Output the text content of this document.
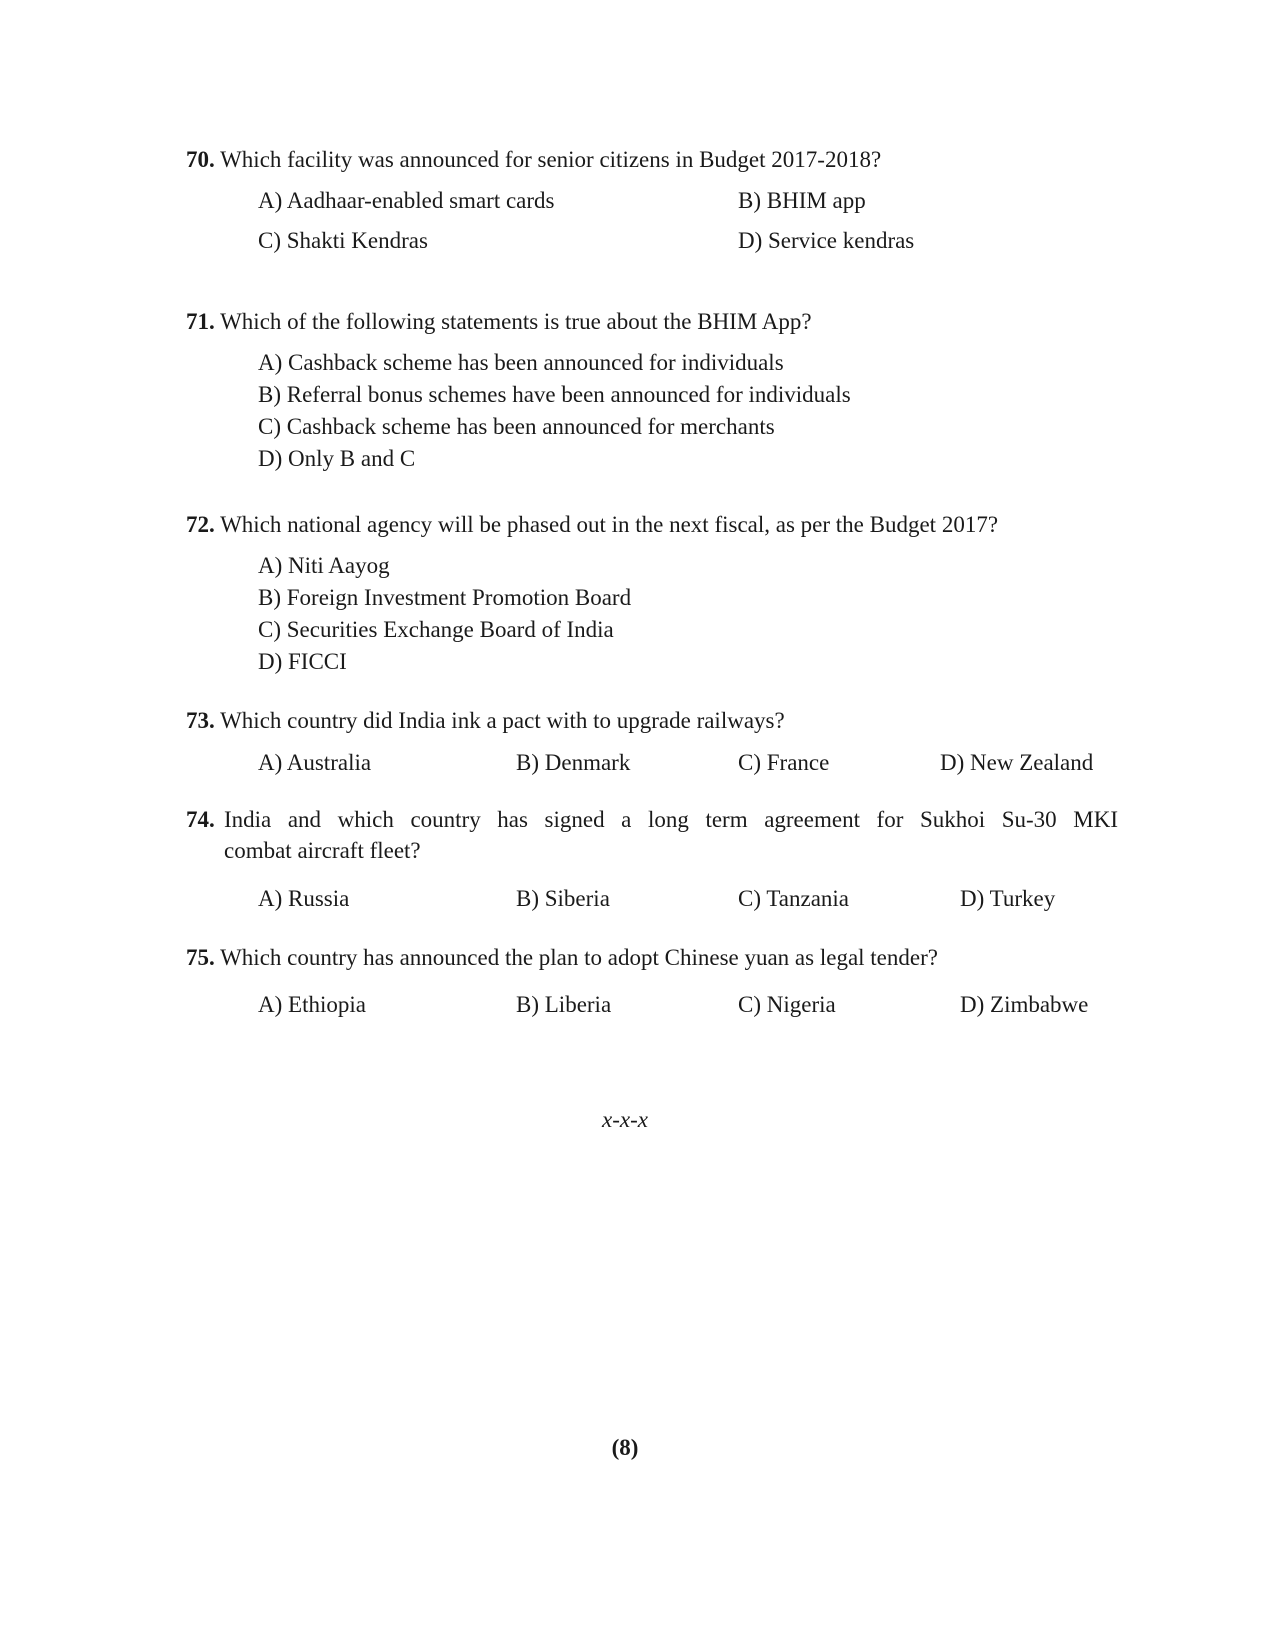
70. Which facility was announced for senior citizens in Budget 2017-2018?
A) Aadhaar-enabled smart cards	B) BHIM app
C) Shakti Kendras	D) Service kendras
71. Which of the following statements is true about the BHIM App?
A) Cashback scheme has been announced for individuals
B) Referral bonus schemes have been announced for individuals
C) Cashback scheme has been announced for merchants
D) Only B and C
72. Which national agency will be phased out in the next fiscal, as per the Budget 2017?
A) Niti Aayog
B) Foreign Investment Promotion Board
C) Securities Exchange Board of India
D) FICCI
73. Which country did India ink a pact with to upgrade railways?
A) Australia	B) Denmark	C) France	D) New Zealand
74. India and which country has signed a long term agreement for Sukhoi Su-30 MKI
combat aircraft fleet?
A) Russia	B) Siberia	C) Tanzania	D) Turkey
75. Which country has announced the plan to adopt Chinese yuan as legal tender?
A) Ethiopia	B) Liberia	C) Nigeria	D) Zimbabwe
x-x-x
(8)
